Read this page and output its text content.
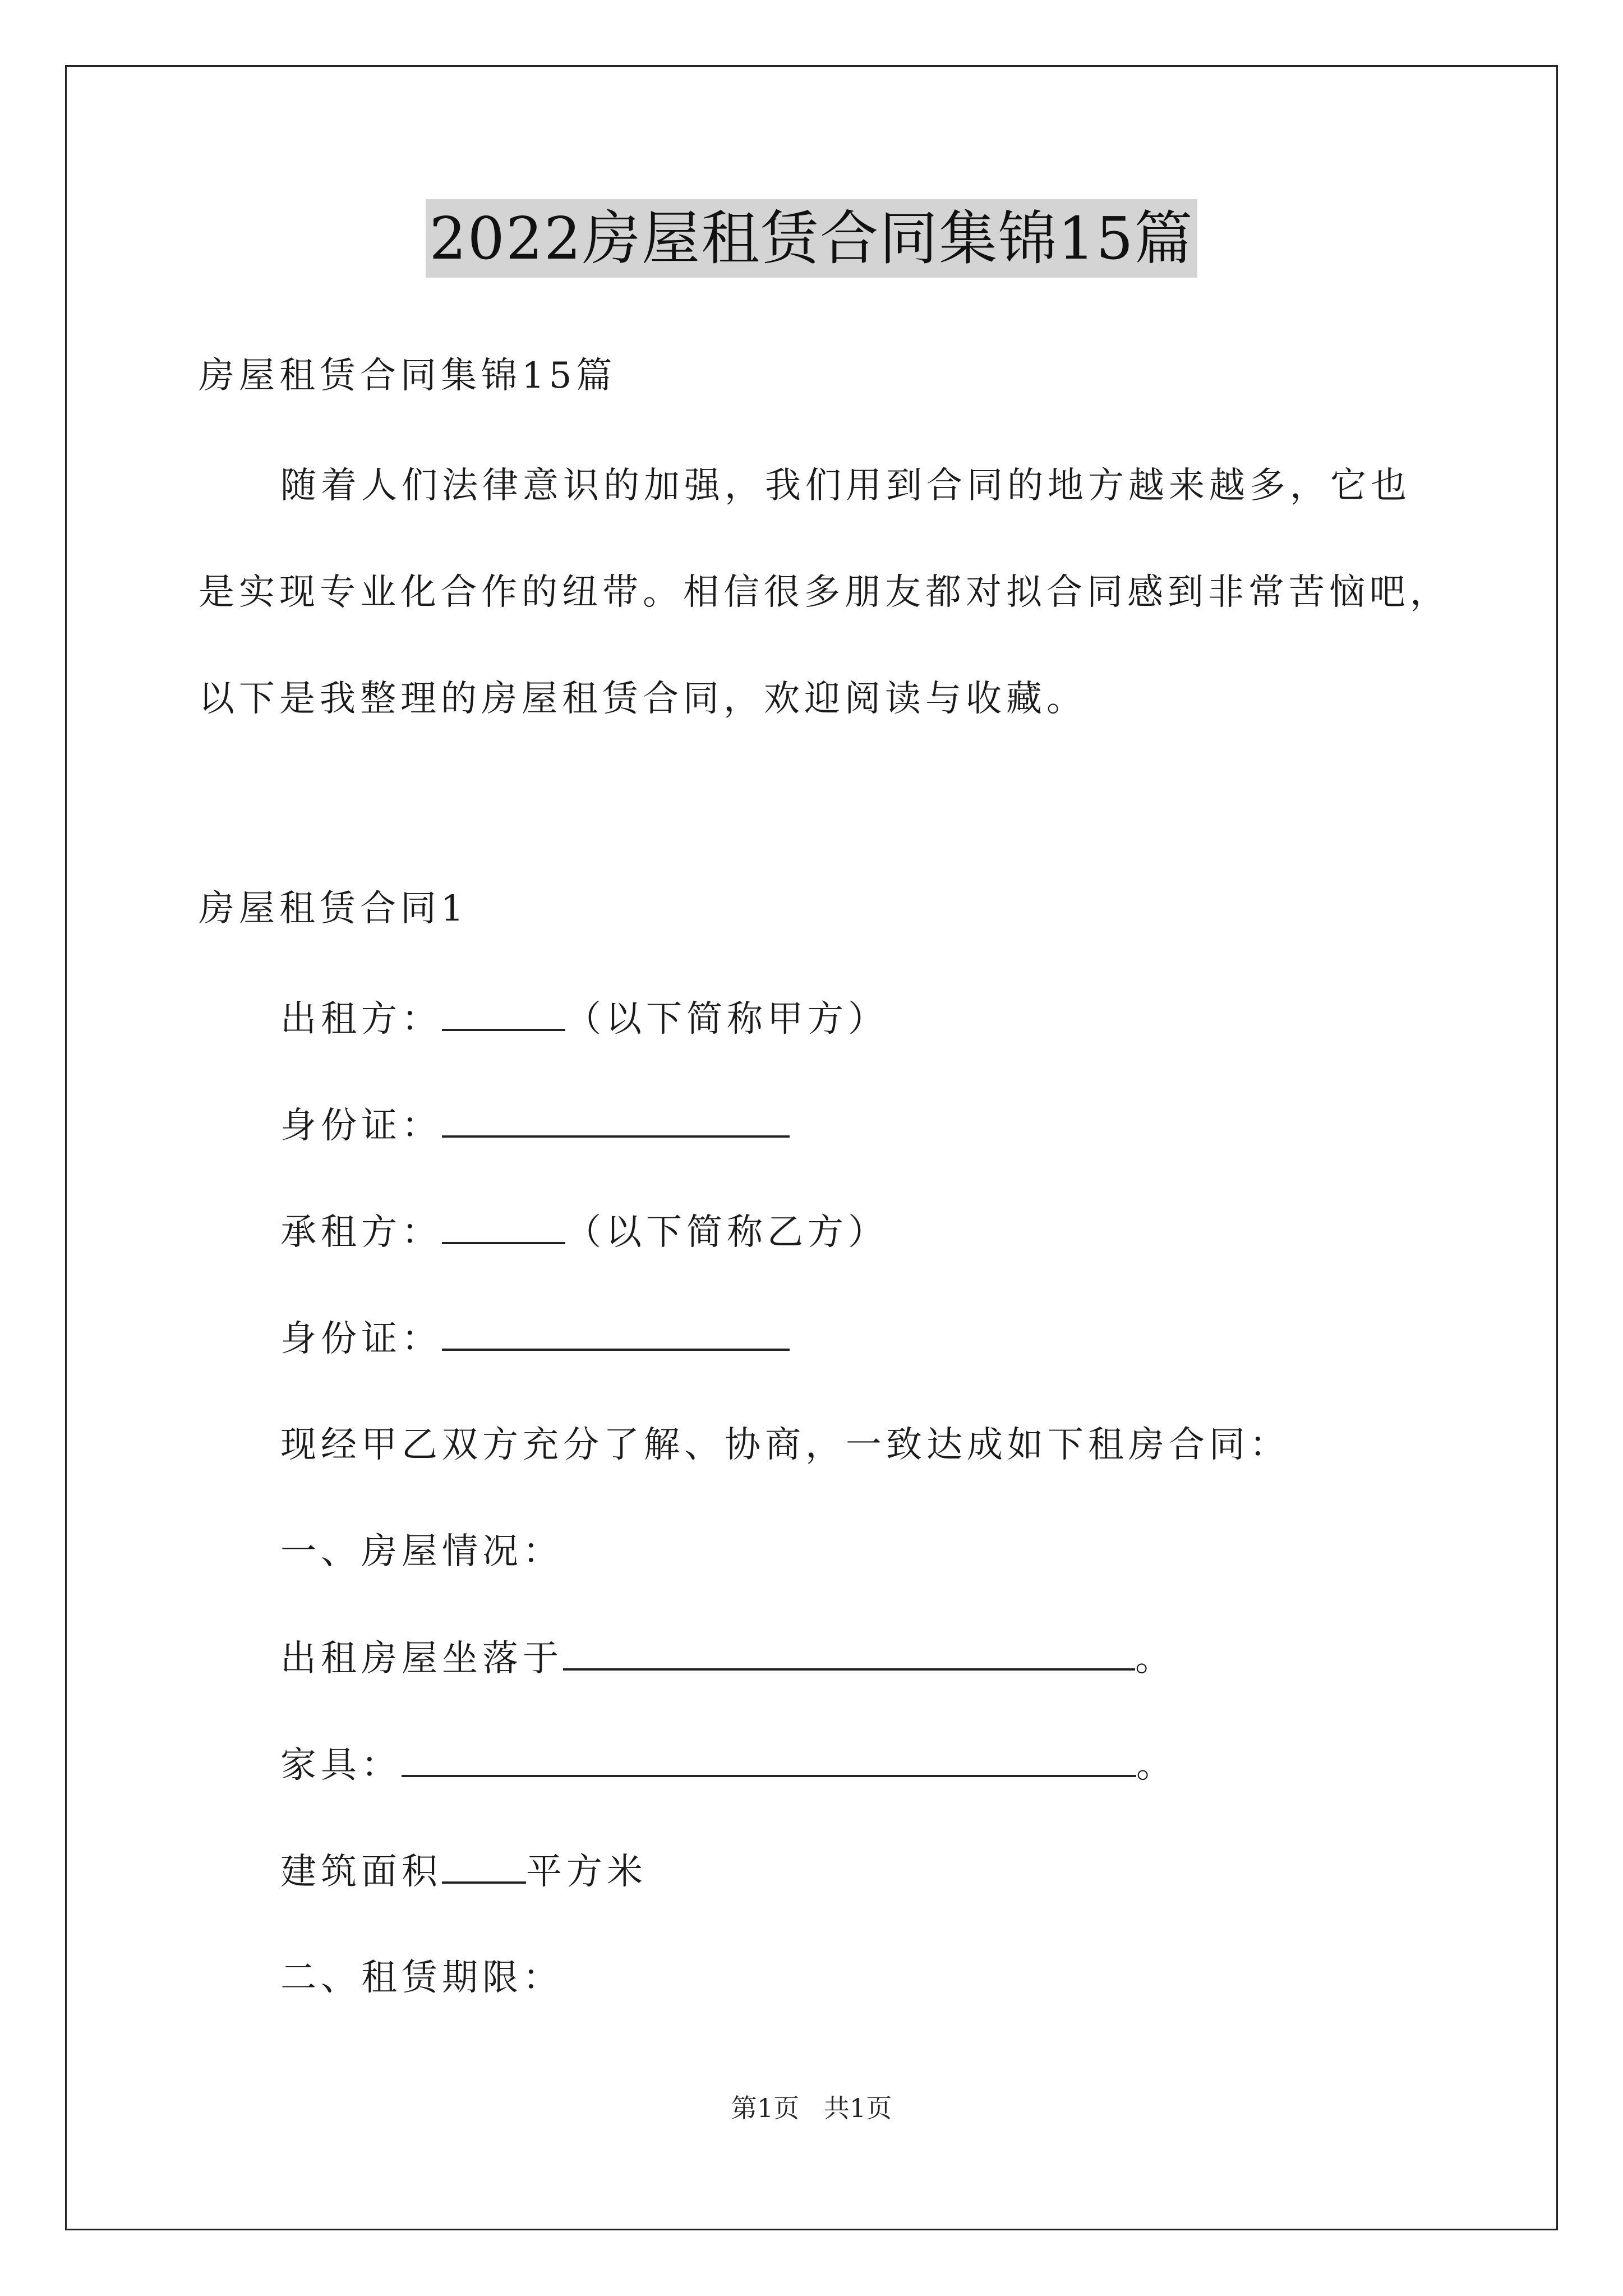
2022房屋租赁合同集锦15篇
房屋租赁合同集锦15篇
随着人们法律意识的加强，我们用到合同的地方越来越多，它也
是实现专业化合作的纽带。相信很多朋友都对拟合同感到非常苦恼吧，
以下是我整理的房屋租赁合同，欢迎阅读与收藏。
房屋租赁合同1
出租方：	（以下简称甲方）
身份证：
承租方：	（以下简称乙方）
身份证：
现经甲乙双方充分了解、协商，一致达成如下租房合同：
一、房屋情况：
出租房屋坐落于	。
家具：	。
建筑面积 平方米
二、租赁期限：
第1页   共1页
